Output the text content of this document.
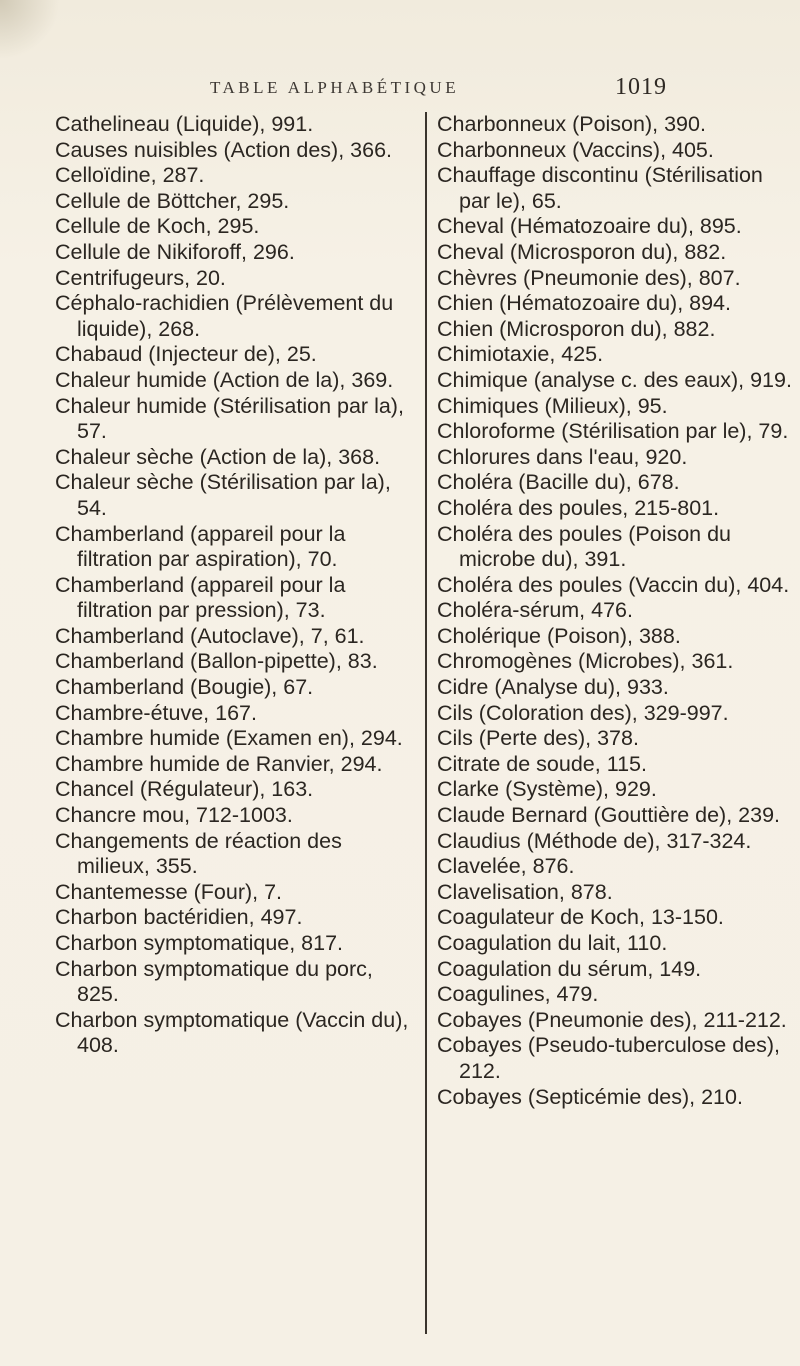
TABLE ALPHABÉTIQUE	1019

Cathelineau (Liquide), 991.

Causes nuisibles (Action des), 366.

Celloïdine, 287.

Cellule de Böttcher, 295.

Cellule de Koch, 295.

Cellule de Nikiforoff, 296.

Centrifugeurs, 20.

Céphalo-rachidien (Prélèvement du liquide), 268.

Chabaud (Injecteur de), 25.

Chaleur humide (Action de la), 369.

Chaleur humide (Stérilisation par la), 57.

Chaleur sèche (Action de la), 368.

Chaleur sèche (Stérilisation par la), 54.

Chamberland (appareil pour la filtration par aspiration), 70.

Chamberland (appareil pour la filtration par pression), 73.

Chamberland (Autoclave), 7, 61.

Chamberland (Ballon-pipette), 83.

Chamberland (Bougie), 67.

Chambre-étuve, 167.

Chambre humide (Examen en), 294.

Chambre humide de Ranvier, 294.

Chancel (Régulateur), 163.

Chancre mou, 712-1003.

Changements de réaction des milieux, 355.

Chantemesse (Four), 7.

Charbon bactéridien, 497.

Charbon symptomatique, 817.

Charbon symptomatique du porc, 825.

Charbon symptomatique (Vaccin du), 408.

Charbonneux (Poison), 390.

Charbonneux (Vaccins), 405.

Chauffage discontinu (Stérilisation par le), 65.

Cheval (Hématozoaire du), 895.

Cheval (Microsporon du), 882.

Chèvres (Pneumonie des), 807.

Chien (Hématozoaire du), 894.

Chien (Microsporon du), 882.

Chimiotaxie, 425.

Chimique (analyse c. des eaux), 919.

Chimiques (Milieux), 95.

Chloroforme (Stérilisation par le), 79.

Chlorures dans l'eau, 920.

Choléra (Bacille du), 678.

Choléra des poules, 215-801.

Choléra des poules (Poison du microbe du), 391.

Choléra des poules (Vaccin du), 404.

Choléra-sérum, 476.

Cholérique (Poison), 388.

Chromogènes (Microbes), 361.

Cidre (Analyse du), 933.

Cils (Coloration des), 329-997.

Cils (Perte des), 378.

Citrate de soude, 115.

Clarke (Système), 929.

Claude Bernard (Gouttière de), 239.

Claudius (Méthode de), 317-324.

Clavelée, 876.

Clavelisation, 878.

Coagulateur de Koch, 13-150.

Coagulation du lait, 110.

Coagulation du sérum, 149.

Coagulines, 479.

Cobayes (Pneumonie des), 211-212.

Cobayes (Pseudo-tuberculose des), 212.

Cobayes (Septicémie des), 210.
